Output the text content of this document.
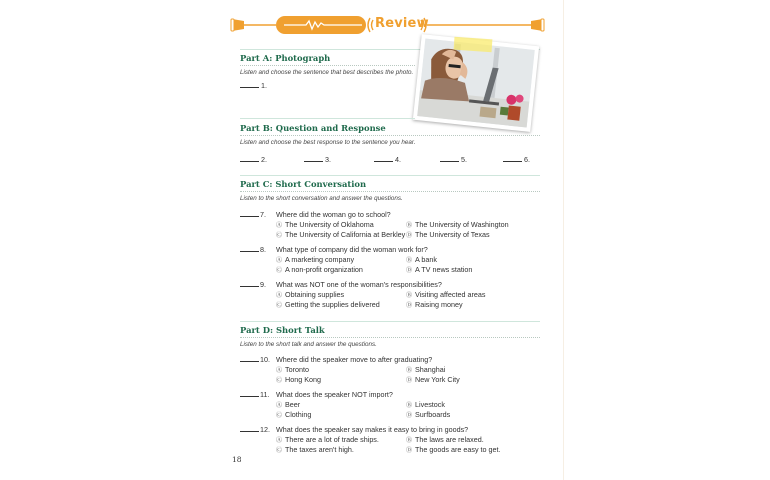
Review
Part A: Photograph
Listen and choose the sentence that best describes the photo.
1.
Part B: Question and Response
Listen and choose the best response to the sentence you hear.
2.	3.	4.	5.	6.
Part C: Short Conversation
Listen to the short conversation and answer the questions.
7. Where did the woman go to school?
Ⓐ The University of Oklahoma	Ⓑ The University of Washington
Ⓒ The University of California at Berkley Ⓓ The University of Texas
8. What type of company did the woman work for?
Ⓐ A marketing company	Ⓑ A bank
Ⓒ A non-profit organization	Ⓓ A TV news station
9. What was NOT one of the woman's responsibilities?
Ⓐ Obtaining supplies	Ⓑ Visiting affected areas
Ⓒ Getting the supplies delivered	Ⓓ Raising money
Part D: Short Talk
Listen to the short talk and answer the questions.
10. Where did the speaker move to after graduating?
Ⓐ Toronto	Ⓑ Shanghai
Ⓒ Hong Kong	Ⓓ New York City
11. What does the speaker NOT import?
Ⓐ Beer	Ⓑ Livestock
Ⓒ Clothing	Ⓓ Surfboards
12. What does the speaker say makes it easy to bring in goods?
Ⓐ There are a lot of trade ships.	Ⓑ The laws are relaxed.
Ⓒ The taxes aren't high.	Ⓓ The goods are easy to get.
18
